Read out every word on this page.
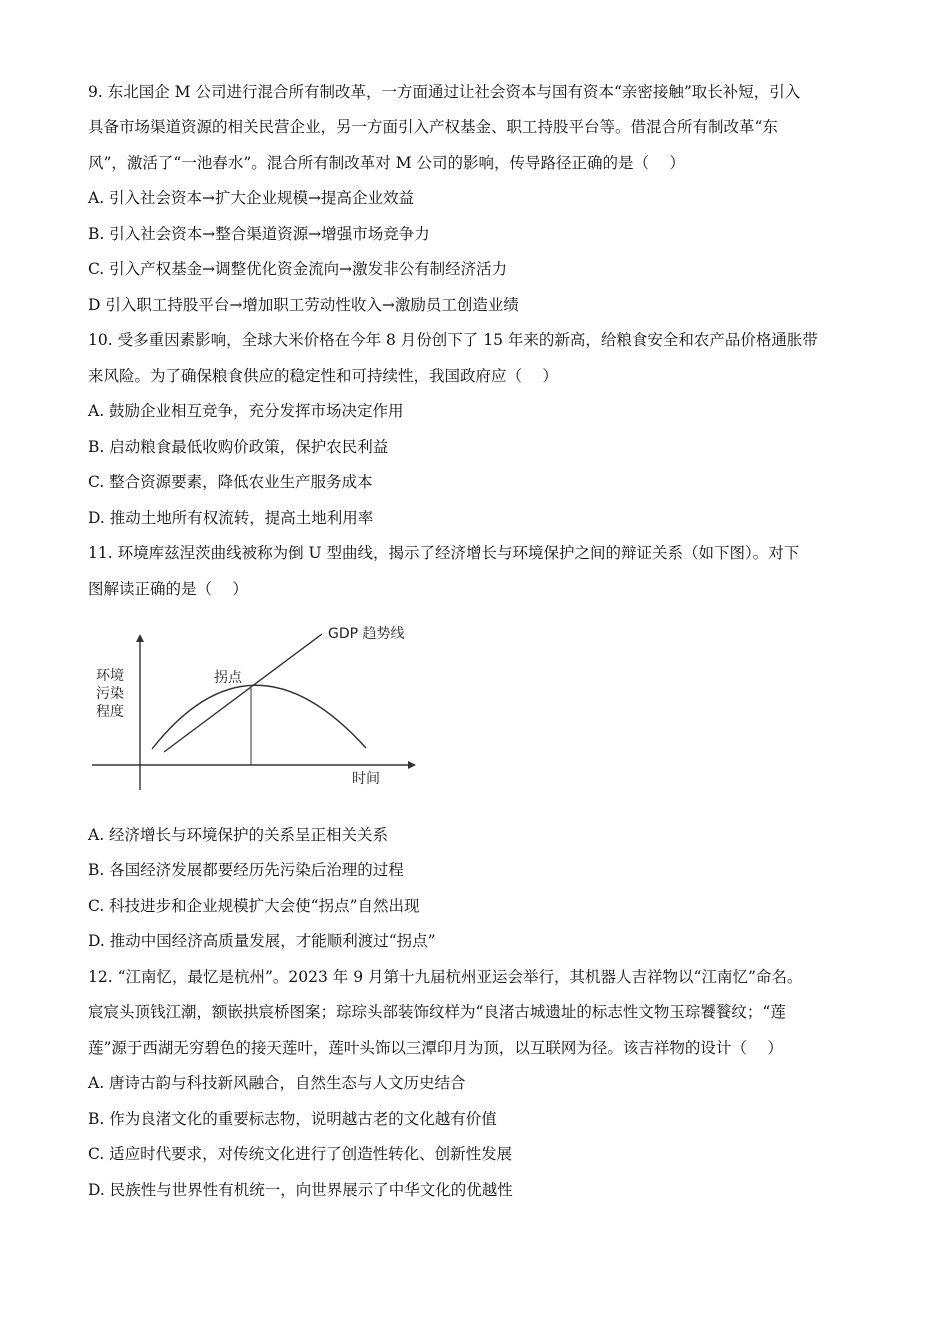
9. 东北国企 M 公司进行混合所有制改革，一方面通过让社会资本与国有资本“亲密接触”取长补短，引入
具备市场渠道资源的相关民营企业，另一方面引入产权基金、职工持股平台等。借混合所有制改革“东
风”，激活了“一池春水”。混合所有制改革对 M 公司的影响，传导路径正确的是（　 ）
A. 引入社会资本→扩大企业规模→提高企业效益
B. 引入社会资本→整合渠道资源→增强市场竞争力
C. 引入产权基金→调整优化资金流向→激发非公有制经济活力
D 引入职工持股平台→增加职工劳动性收入→激励员工创造业绩
10. 受多重因素影响，全球大米价格在今年 8 月份创下了 15 年来的新高，给粮食安全和农产品价格通胀带
来风险。为了确保粮食供应的稳定性和可持续性，我国政府应（　 ）
A. 鼓励企业相互竞争，充分发挥市场决定作用
B. 启动粮食最低收购价政策，保护农民利益
C. 整合资源要素，降低农业生产服务成本
D. 推动土地所有权流转，提高土地利用率
11. 环境库兹涅茨曲线被称为倒 U 型曲线，揭示了经济增长与环境保护之间的辩证关系（如下图）。对下
图解读正确的是（　 ）
GDP 趋势线
拐点
环境
污染
程度
时间
A. 经济增长与环境保护的关系呈正相关关系
B. 各国经济发展都要经历先污染后治理的过程
C. 科技进步和企业规模扩大会使“拐点”自然出现
D. 推动中国经济高质量发展，才能顺利渡过“拐点”
12. “江南忆，最忆是杭州”。2023 年 9 月第十九届杭州亚运会举行，其机器人吉祥物以“江南忆”命名。
宸宸头顶钱江潮，额嵌拱宸桥图案；琮琮头部装饰纹样为“良渚古城遗址的标志性文物玉琮饕餮纹；“莲
莲”源于西湖无穷碧色的接天莲叶，莲叶头饰以三潭印月为顶，以互联网为径。该吉祥物的设计（　 ）
A. 唐诗古韵与科技新风融合，自然生态与人文历史结合
B. 作为良渚文化的重要标志物，说明越古老的文化越有价值
C. 适应时代要求，对传统文化进行了创造性转化、创新性发展
D. 民族性与世界性有机统一，向世界展示了中华文化的优越性
